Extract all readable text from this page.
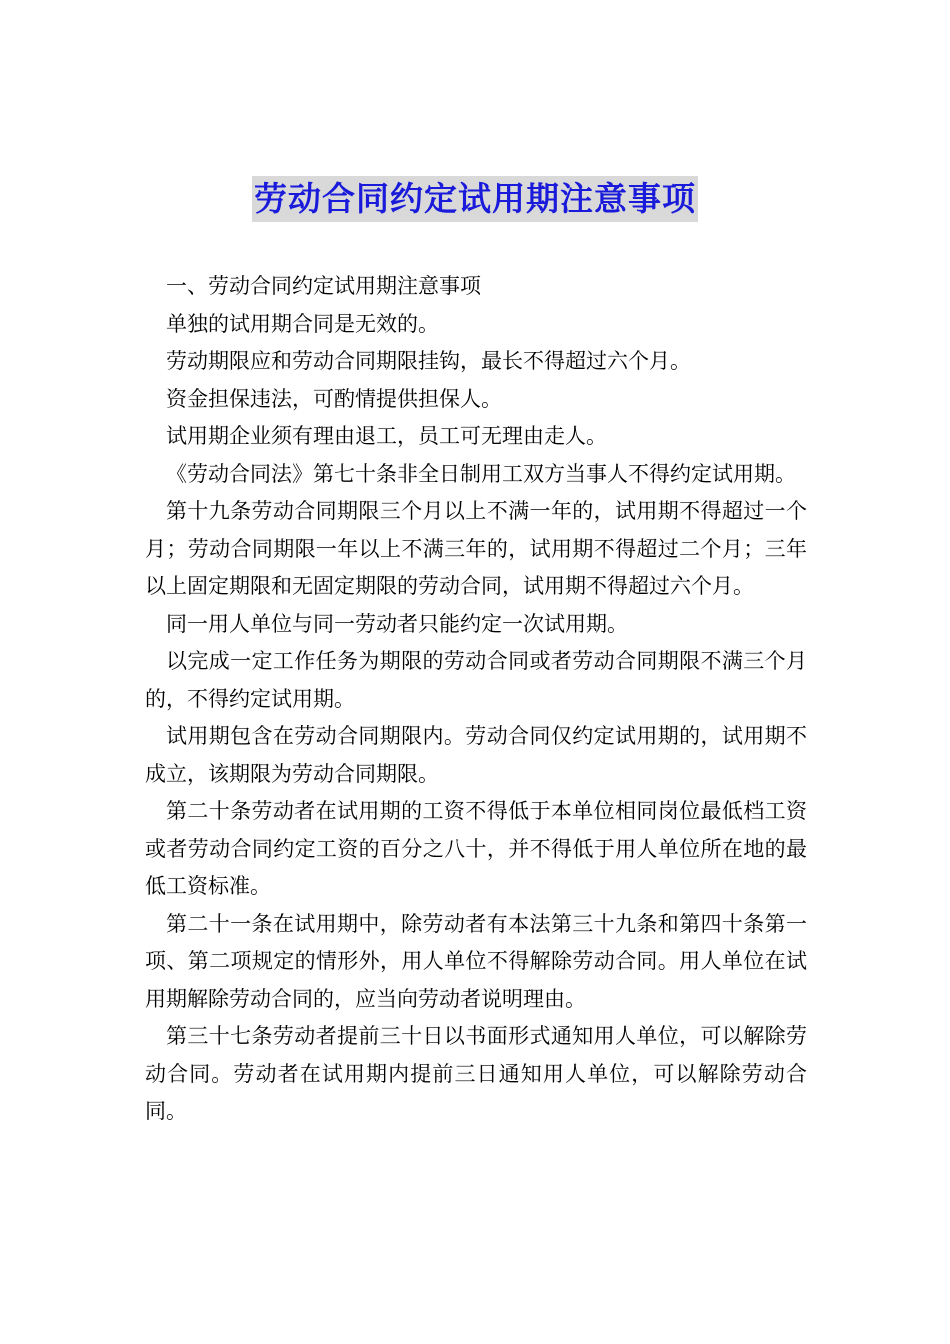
劳动合同约定试用期注意事项

一、劳动合同约定试用期注意事项

单独的试用期合同是无效的。

劳动期限应和劳动合同期限挂钩，最长不得超过六个月。

资金担保违法，可酌情提供担保人。

试用期企业须有理由退工，员工可无理由走人。

《劳动合同法》第七十条非全日制用工双方当事人不得约定试用期。

第十九条劳动合同期限三个月以上不满一年的，试用期不得超过一个月；劳动合同期限一年以上不满三年的，试用期不得超过二个月；三年以上固定期限和无固定期限的劳动合同，试用期不得超过六个月。

同一用人单位与同一劳动者只能约定一次试用期。

以完成一定工作任务为期限的劳动合同或者劳动合同期限不满三个月的，不得约定试用期。

试用期包含在劳动合同期限内。劳动合同仅约定试用期的，试用期不成立，该期限为劳动合同期限。

第二十条劳动者在试用期的工资不得低于本单位相同岗位最低档工资或者劳动合同约定工资的百分之八十，并不得低于用人单位所在地的最低工资标准。

第二十一条在试用期中，除劳动者有本法第三十九条和第四十条第一项、第二项规定的情形外，用人单位不得解除劳动合同。用人单位在试用期解除劳动合同的，应当向劳动者说明理由。

第三十七条劳动者提前三十日以书面形式通知用人单位，可以解除劳动合同。劳动者在试用期内提前三日通知用人单位，可以解除劳动合同。
